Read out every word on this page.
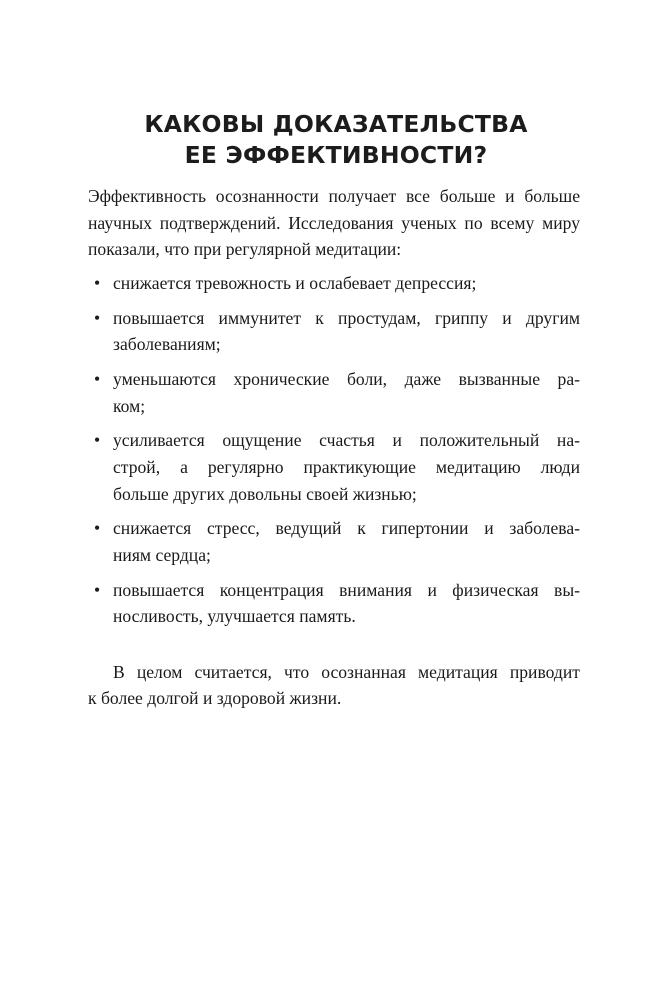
КАКОВЫ ДОКАЗАТЕЛЬСТВА
ЕЕ ЭФФЕКТИВНОСТИ?

Эффективность осознанности получает все больше и больше
научных подтверждений. Исследования ученых по всему миру
показали, что при регулярной медитации:

• снижается тревожность и ослабевает депрессия;
• повышается иммунитет к простудам, гриппу и другим
заболеваниям;
• уменьшаются хронические боли, даже вызванные ра-
ком;
• усиливается ощущение счастья и положительный на-
строй, а регулярно практикующие медитацию люди
больше других довольны своей жизнью;
• снижается стресс, ведущий к гипертонии и заболева-
ниям сердца;
• повышается концентрация внимания и физическая вы-
носливость, улучшается память.

В целом считается, что осознанная медитация приводит
к более долгой и здоровой жизни.
